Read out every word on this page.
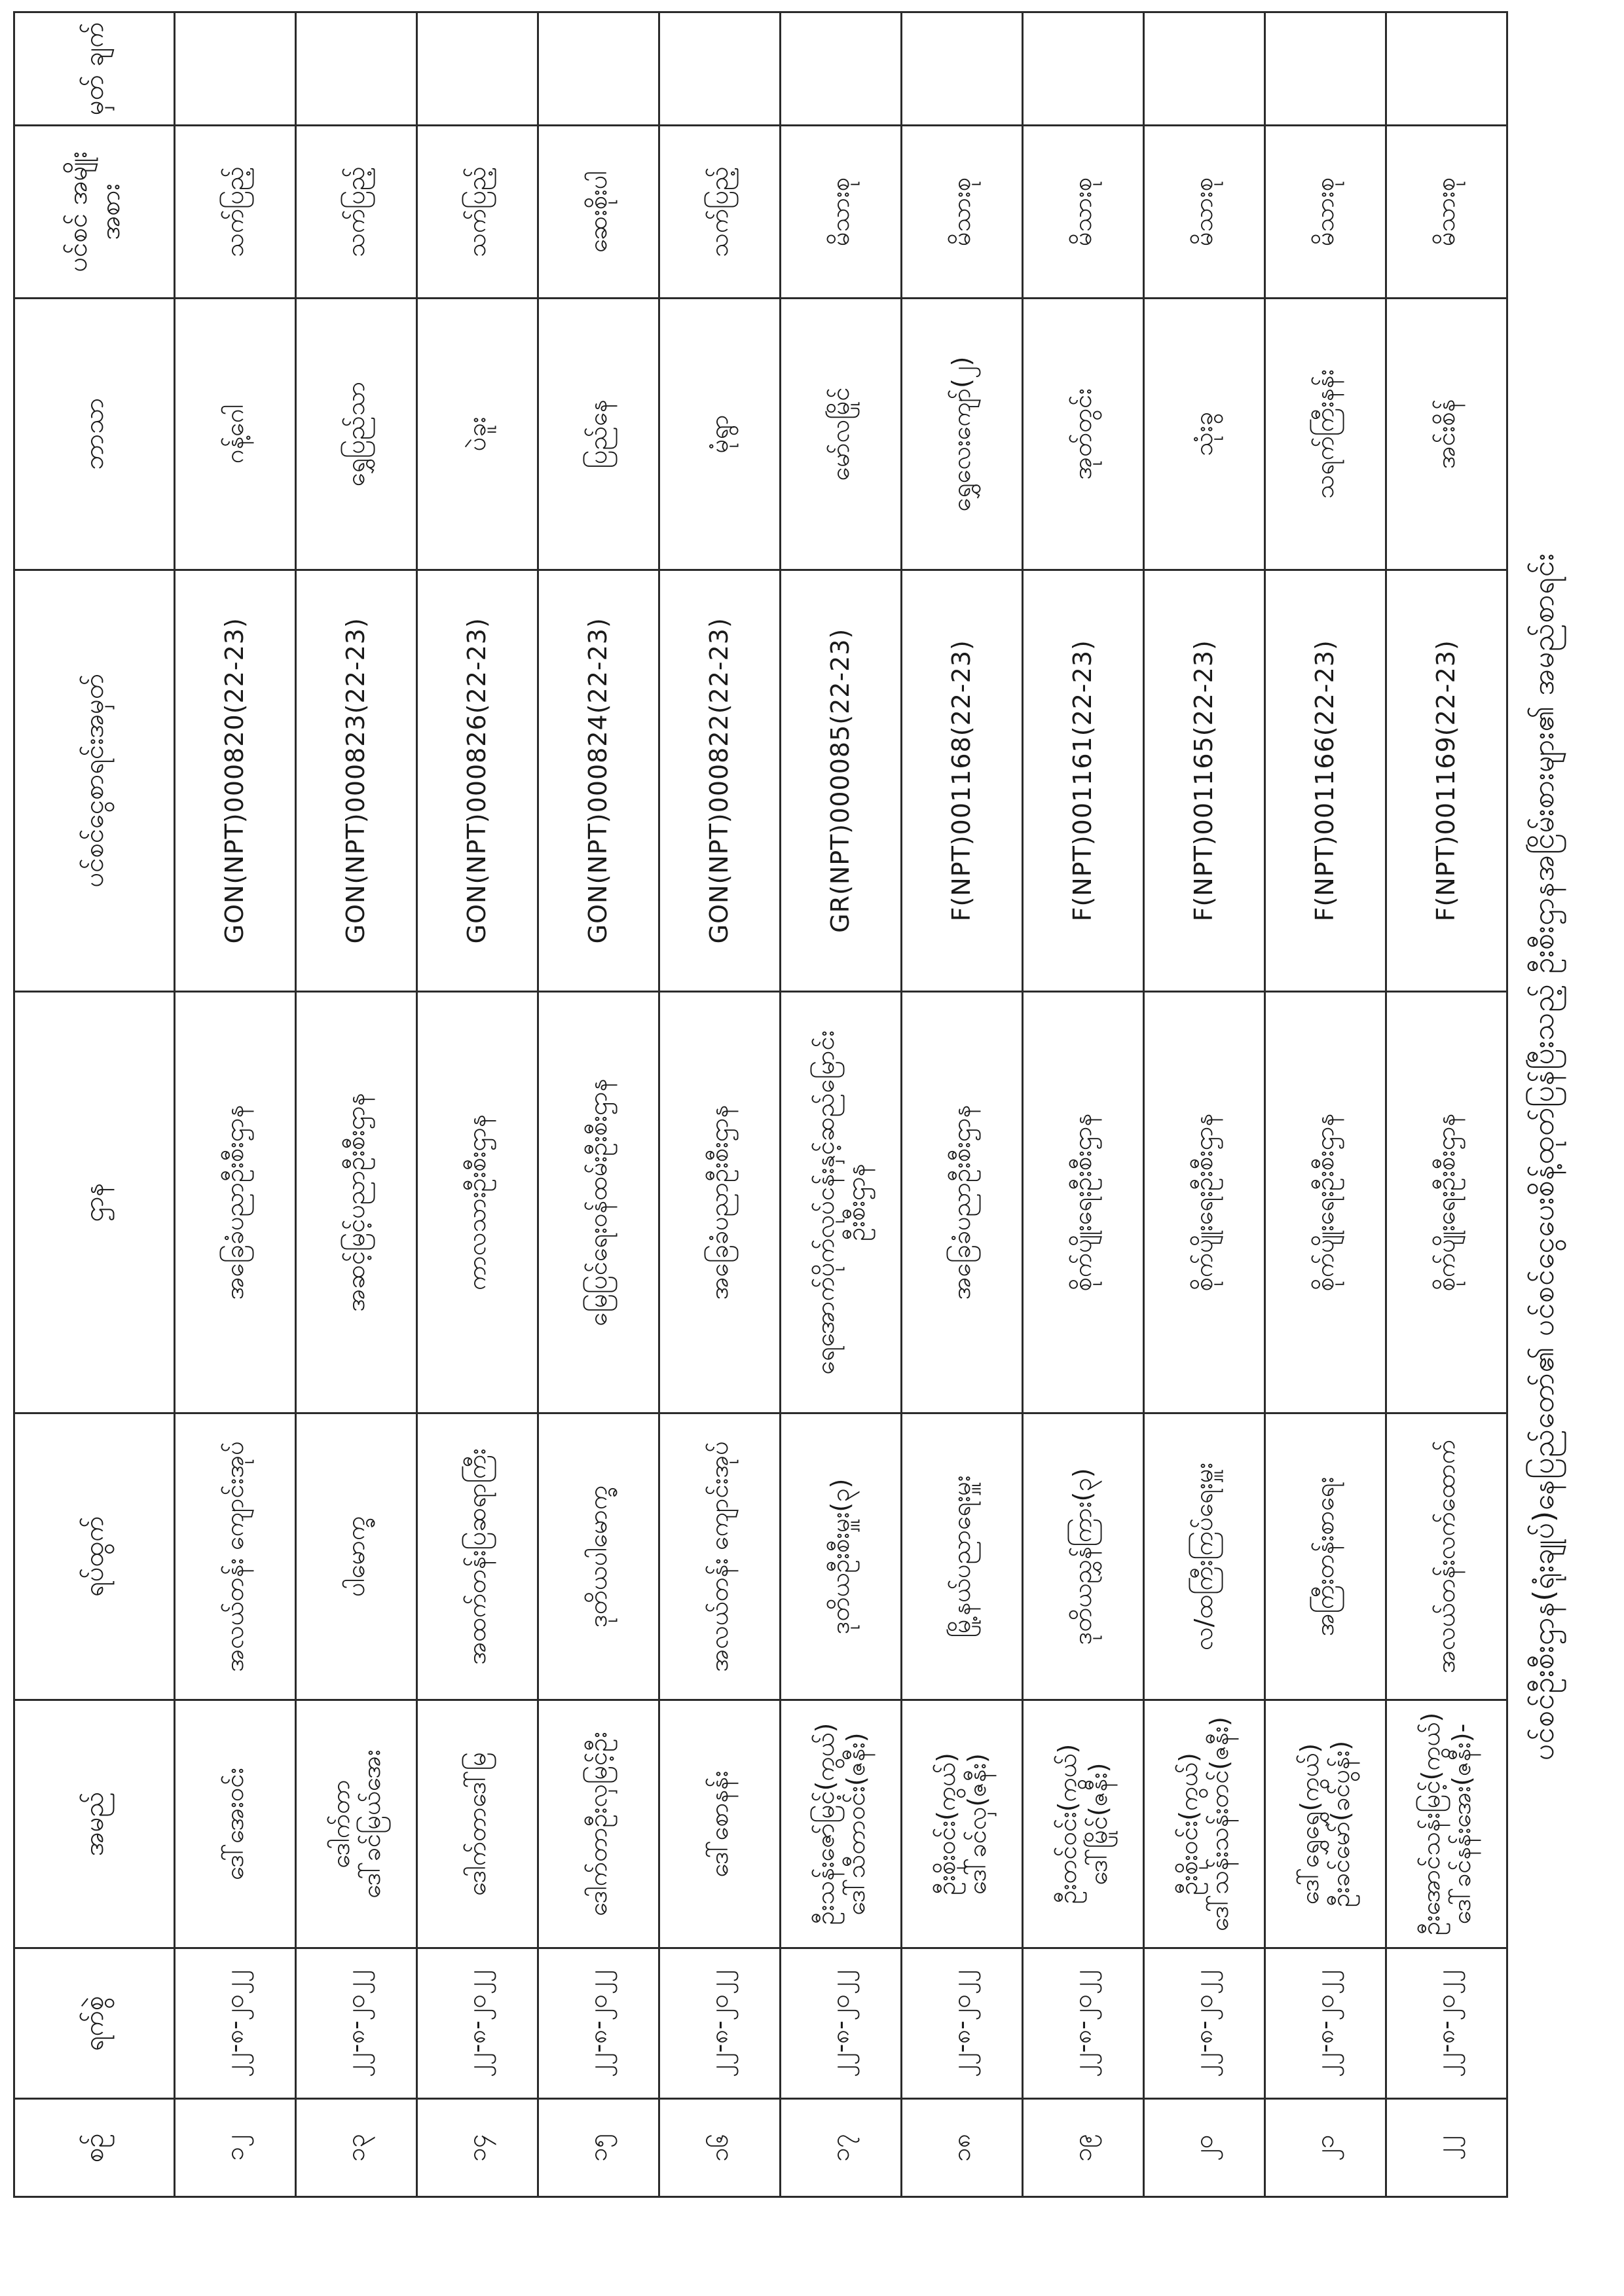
ပင်စင်ဦးစီးဌာန(ရုံးချုပ်)နေပြည်တော်၏ ပင်စင်ငွေပေးစိန့်ထုတ်ပြန်ပြီးသည့် ဦးစီးဌာနအငြိမ်းစားများ၏ အမည်စာရင်း
စဉ်	ရက်စွဲ	အမည်	ရပ်ထွက်	ဌာန	ပင်စင်ငွေစာရင်းအမှတ်	ဘာသာ	ပင်စင် အမျိုးအစား	မှတ် ချက်
၁၂	၂၂-၈-၂၀၂၂	ဒေါ်အေးဝင်း	အလယ်တန်း ကျောင်းအုပ်	အခြေခံပညာဦးစီးဌာန	GON(NPT)000820(22-23)	ဂန့်ဂေါ	သက်ပြည့်	
၁၃	၂၂-၈-၂၀၂၂	ဒေါက်တာ ဒေါ်ခင်မြယ်အေး	ပါမောက္ခ	အဆင့်မြင့်ပညာဦးစီးဌာန	GON(NPT)000823(22-23)	ရွှေပြည်သာ	သက်ပြည့်	
၁၄	၂၂-၈-၂၀၂၂	ဒေါက်တာဒေါ်မြ	အထက်တန်းပြဆရာကြီး	ကာလသားဦးစီးဌာန	GON(NPT)000826(22-23)	ပဲခူး	သက်ပြည့်	
၁၅	၂၂-၈-၂၀၂၂	ဒေါက်တာဦးလှမြင့်ဦး	ဒုတိယပါမောက္ခ	မြေပြင်ရေးဝန်ထမ်းဦးစီးဌာန	GON(NPT)000824(22-23)	ပြည်နေ	ဆေးစိုးပါ	
၁၆	၂၂-၈-၂၀၂၂	ဒေါ်စောနန်း	အလယ်တန်း ကျောင်းအုပ်	အခြေခံပညာဦးစီးဌာန	GON(NPT)000822(22-23)	မုံရွာ	သက်ပြည့်	
၁၇	၂၂-၈-၂၀၂၂	ဦးသန်းဇော်မြင့်(ကွယ်) ဒေါ်သီတာဝင်း(ဇနီး)	ဒုတိယဦးစီးမှူး(၃)	ရေအောက်ပိုက်လုပ်ငန်းနှင့်ဆည်မြောင်း ဦးစီးဌာန	GR(NPT)000085(22-23)	မော်လမြိုင်	မိသားစု	
၁၈	၂၂-၈-၂၀၂၂	ဦးစိုးဝင်း(ကွယ်) ဒေါ်ခင်လှ(ဇနီး)	မြို့နယ်ပညာရေးမှူး	အခြေခံပညာဦးစီးဌာန	F(NPT)001168(22-23)	ရွှေလေးကျော်(၂)	မိသားစု	
၁၉	၂၂-၈-၂၀၂၂	ဦးတင်ဝင်း(ကွယ်) ဒေါ်မြိုင်(ဇနီး)	ဒုတိယညွှန်ကြား(၃)	စိုက်ပျိုးရေးဦးစီးဌာန	F(NPT)001161(22-23)	အုတ်တွင်း	မိသားစု	
၂၀	၂၂-၈-၂၀၂၂	ဦးစိုးဝင်း(ကွယ်) ဒေါ်သန်းသန်းတင်(ဇနီး)	လ/ထကြီးကြပ်ရေးမှူး	စိုက်ပျိုးရေးဦးစီးဌာန	F(NPT)001165(22-23)	သုံးခွ	မိသားစု	
၂၁	၂၂-၈-၂၀၂၂	ဒေါ်ရွှေရွှေ(ကွယ်) ဦးခင်မော်(ခင်ပွန်း)	အကြီးတန်းစာရေး	စိုက်ပျိုးရေးဦးစီးဌာန	F(NPT)001166(22-23)	သရက်ကြီးနန်း	မိသားစု	
၂၂	၂၂-၈-၂၀၂၂	ဦးအောင်သန်းမြင့်(ကွယ်) ဒေါ်ခင်နန်းအေး(ဇနီး)-	အလယ်တန်းလက်ထောက်	စိုက်ပျိုးရေးဦးစီးဌာန	F(NPT)001169(22-23)	အင်းစိန်	မိသားစု	
